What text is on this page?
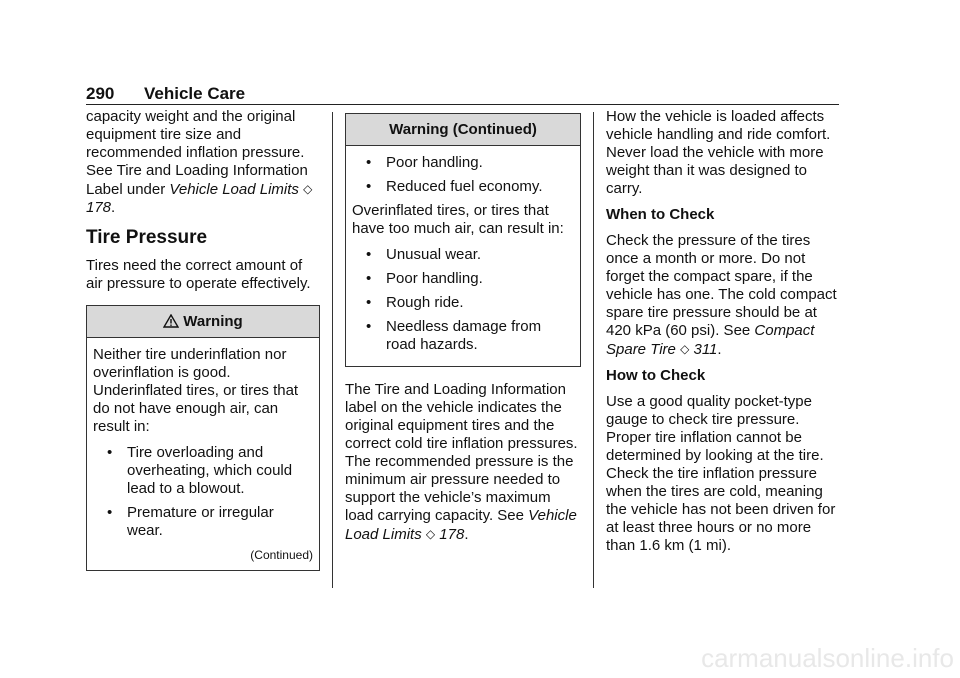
290 Vehicle Care

capacity weight and the original equipment tire size and recommended inflation pressure. See Tire and Loading Information Label under Vehicle Load Limits ◇ 178.

Tire Pressure

Tires need the correct amount of air pressure to operate effectively.

Warning

Neither tire underinflation nor overinflation is good. Underinflated tires, or tires that do not have enough air, can result in:

• Tire overloading and overheating, which could lead to a blowout.
• Premature or irregular wear.
(Continued)
Warning (Continued)
• Poor handling.
• Reduced fuel economy.

Overinflated tires, or tires that have too much air, can result in:

• Unusual wear.
• Poor handling.
• Rough ride.
• Needless damage from road hazards.

The Tire and Loading Information label on the vehicle indicates the original equipment tires and the correct cold tire inflation pressures. The recommended pressure is the minimum air pressure needed to support the vehicle’s maximum load carrying capacity. See Vehicle Load Limits ◇ 178.

How the vehicle is loaded affects vehicle handling and ride comfort. Never load the vehicle with more weight than it was designed to carry.

When to Check

Check the pressure of the tires once a month or more. Do not forget the compact spare, if the vehicle has one. The cold compact spare tire pressure should be at 420 kPa (60 psi). See Compact Spare Tire ◇ 311.

How to Check

Use a good quality pocket-type gauge to check tire pressure. Proper tire inflation cannot be determined by looking at the tire. Check the tire inflation pressure when the tires are cold, meaning the vehicle has not been driven for at least three hours or no more than 1.6 km (1 mi).

carmanualsonline.info
